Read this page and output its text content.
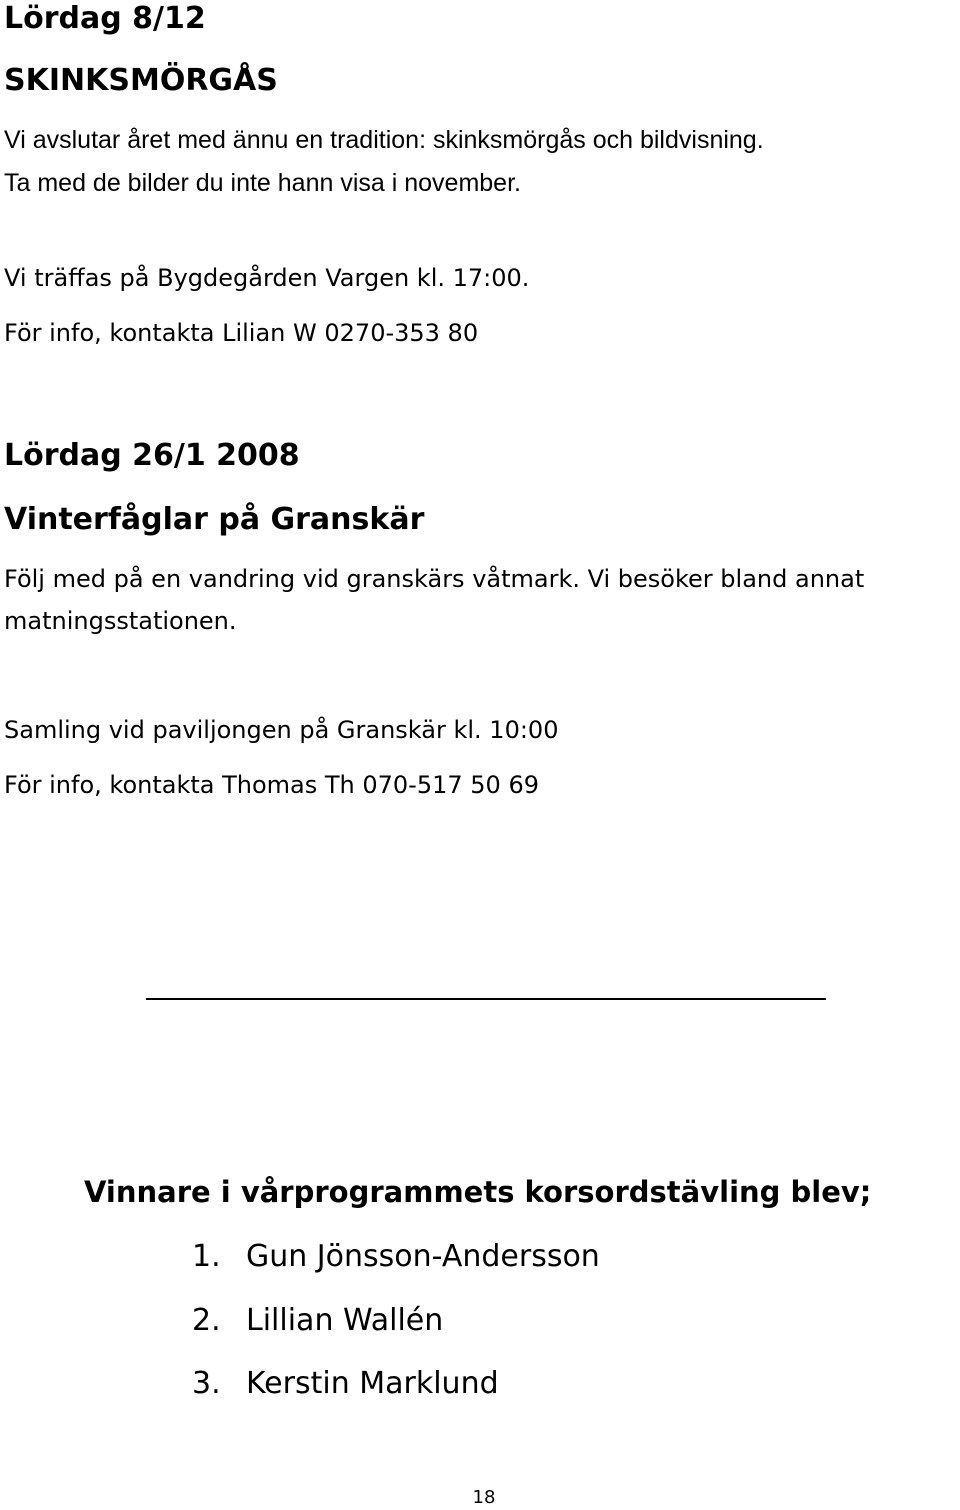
Lördag 8/12
SKINKSMÖRGÅS
Vi avslutar året med ännu en tradition: skinksmörgås och bildvisning.
Ta med de bilder du inte hann visa i november.
Vi träffas på Bygdegården Vargen kl. 17:00.
För info, kontakta Lilian W 0270-353 80
Lördag 26/1 2008
Vinterfåglar på Granskär
Följ med på en vandring vid granskärs våtmark. Vi besöker bland annat
matningsstationen.
Samling vid paviljongen på Granskär kl. 10:00
För info, kontakta Thomas Th 070-517 50 69
Vinnare i vårprogrammets korsordstävling blev;
1. Gun Jönsson-Andersson
2. Lillian Wallén
3. Kerstin Marklund
18
